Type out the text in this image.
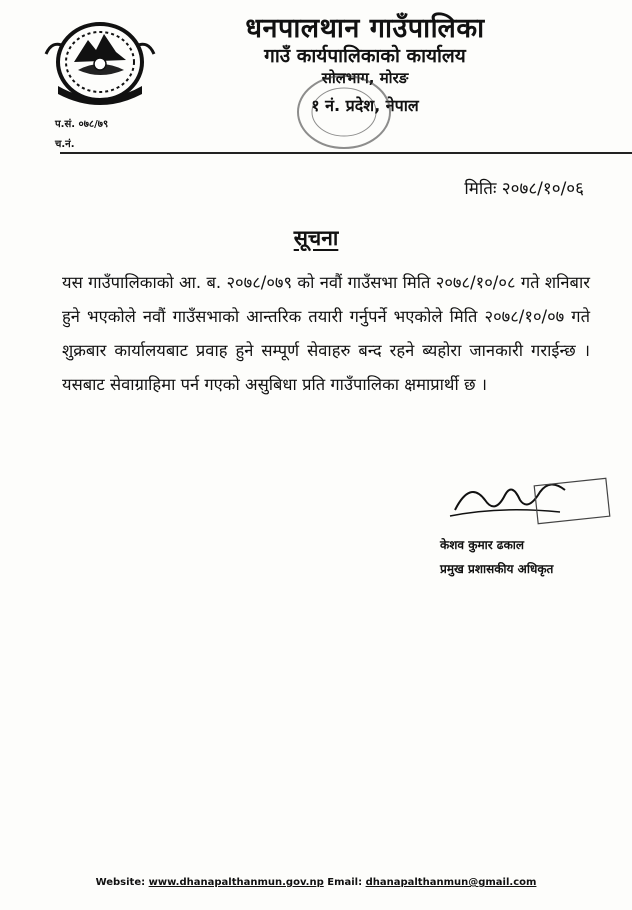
धनपालथान गाउँपालिका
गाउँ कार्यपालिकाको कार्यालय
सोलभाग, मोरङ
१ नं. प्रदेश, नेपाल
प.सं. ०७८/७९
च.नं.
मितिः २०७८/१०/०६
सूचना
यस गाउँपालिकाको आ. ब. २०७८/०७९ को नवौं गाउँसभा मिति २०७८/१०/०८ गते शनिबार हुने भएकोले नवौं गाउँसभाको आन्तरिक तयारी गर्नुपर्ने भएकोले मिति २०७८/१०/०७ गते शुक्रबार कार्यालयबाट प्रवाह हुने सम्पूर्ण सेवाहरु बन्द रहने ब्यहोरा जानकारी गराईन्छ । यसबाट सेवाग्राहिमा पर्न गएको असुबिधा प्रति गाउँपालिका क्षमाप्रार्थी छ ।
केशव कुमार ढकाल
प्रमुख प्रशासकीय अधिकृत
Website: www.dhanapalthanmun.gov.np Email: dhanapalthanmun@gmail.com
